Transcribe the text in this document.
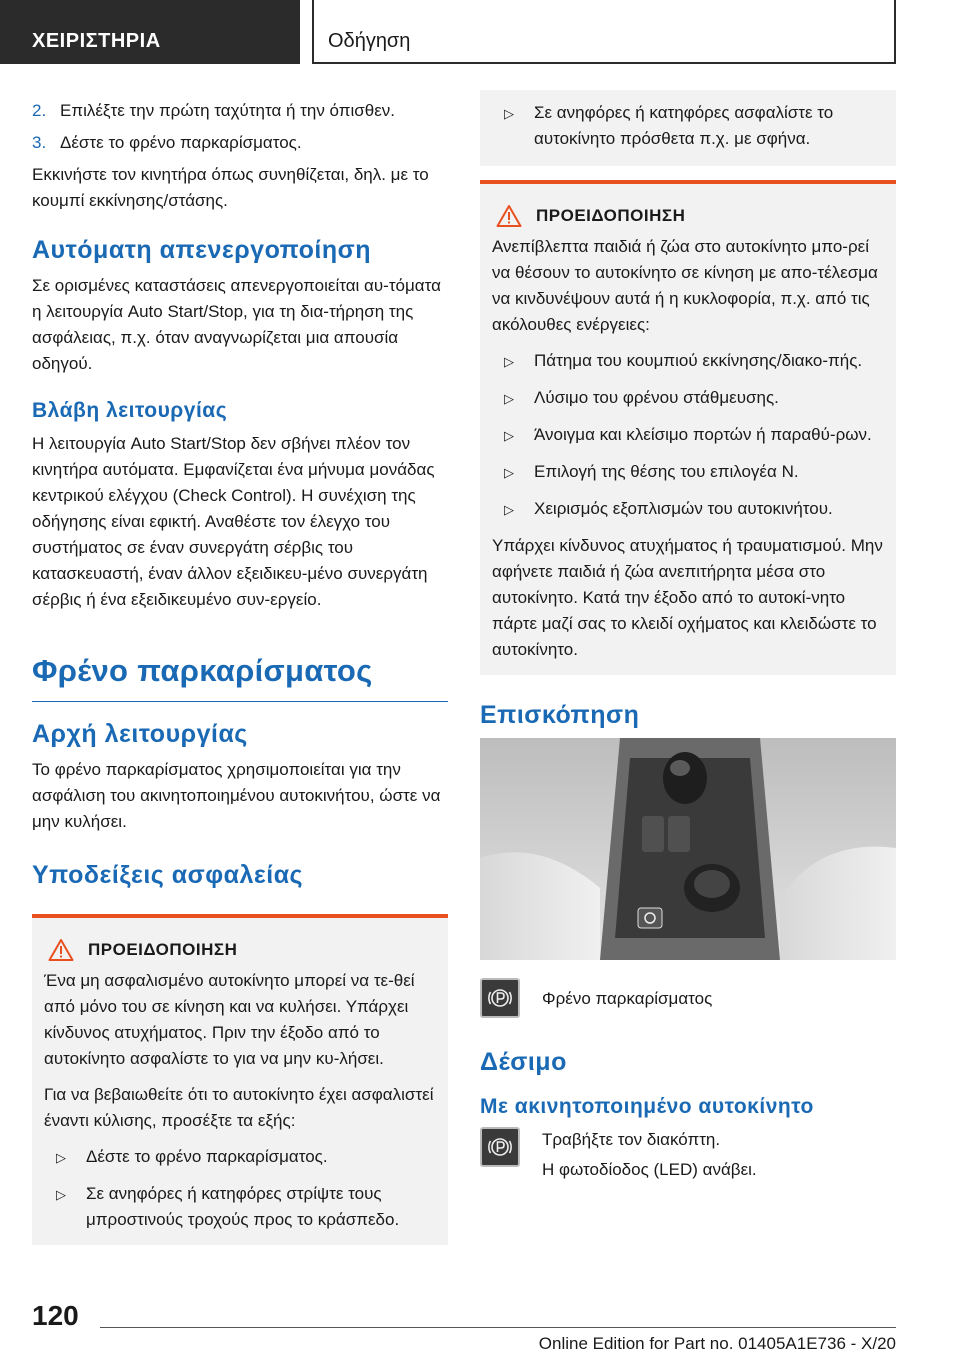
ΧΕΙΡΙΣΤΗΡΙΑ	Οδήγηση
2. Επιλέξτε την πρώτη ταχύτητα ή την όπισθεν.
3. Δέστε το φρένο παρκαρίσματος.

Εκκινήστε τον κινητήρα όπως συνηθίζεται, δηλ. με το κουμπί εκκίνησης/στάσης.

Αυτόματη απενεργοποίηση

Σε ορισμένες καταστάσεις απενεργοποιείται αυ-τόματα η λειτουργία Auto Start/Stop, για τη δια-τήρηση της ασφάλειας, π.χ. όταν αναγνωρίζεται μια απουσία οδηγού.

Βλάβη λειτουργίας

Η λειτουργία Auto Start/Stop δεν σβήνει πλέον τον κινητήρα αυτόματα. Εμφανίζεται ένα μήνυμα μονάδας κεντρικού ελέγχου (Check Control). Η συνέχιση της οδήγησης είναι εφικτή. Αναθέστε τον έλεγχο του συστήματος σε έναν συνεργάτη σέρβις του κατασκευαστή, έναν άλλον εξειδικευ-μένο συνεργάτη σέρβις ή ένα εξειδικευμένο συν-εργείο.

Φρένο παρκαρίσματος
Αρχή λειτουργίας

Το φρένο παρκαρίσματος χρησιμοποιείται για την ασφάλιση του ακινητοποιημένου αυτοκινήτου, ώστε να μην κυλήσει.

Υποδείξεις ασφαλείας
ΠΡΟΕΙΔΟΠΟΙΗΣΗ

Ένα μη ασφαλισμένο αυτοκίνητο μπορεί να τε-θεί από μόνο του σε κίνηση και να κυλήσει. Υπάρχει κίνδυνος ατυχήματος. Πριν την έξοδο από το αυτοκίνητο ασφαλίστε το για να μην κυ-λήσει.

Για να βεβαιωθείτε ότι το αυτοκίνητο έχει ασφαλιστεί έναντι κύλισης, προσέξτε τα εξής:

▷	Δέστε το φρένο παρκαρίσματος.
▷	Σε ανηφόρες ή κατηφόρες στρίψτε τους μπροστινούς τροχούς προς το κράσπεδο.
▷	Σε ανηφόρες ή κατηφόρες ασφαλίστε το αυτοκίνητο πρόσθετα π.χ. με σφήνα.
ΠΡΟΕΙΔΟΠΟΙΗΣΗ

Ανεπίβλεπτα παιδιά ή ζώα στο αυτοκίνητο μπο-ρεί να θέσουν το αυτοκίνητο σε κίνηση με απο-τέλεσμα να κινδυνέψουν αυτά ή η κυκλοφορία, π.χ. από τις ακόλουθες ενέργειες:

▷	Πάτημα του κουμπιού εκκίνησης/διακο-πής.
▷	Λύσιμο του φρένου στάθμευσης.
▷	Άνοιγμα και κλείσιμο πορτών ή παραθύ-ρων.
▷	Επιλογή της θέσης του επιλογέα N.
▷	Χειρισμός εξοπλισμών του αυτοκινήτου.

Υπάρχει κίνδυνος ατυχήματος ή τραυματισμού. Μην αφήνετε παιδιά ή ζώα ανεπιτήρητα μέσα στο αυτοκίνητο. Κατά την έξοδο από το αυτοκί-νητο πάρτε μαζί σας το κλειδί οχήματος και κλειδώστε το αυτοκίνητο.

Επισκόπηση

Φρένο παρκαρίσματος

Δέσιμο
Με ακινητοποιημένο αυτοκίνητο

Τραβήξτε τον διακόπτη.

Η φωτοδίοδος (LED) ανάβει.

120
Online Edition for Part no. 01405A1E736 - X/20
